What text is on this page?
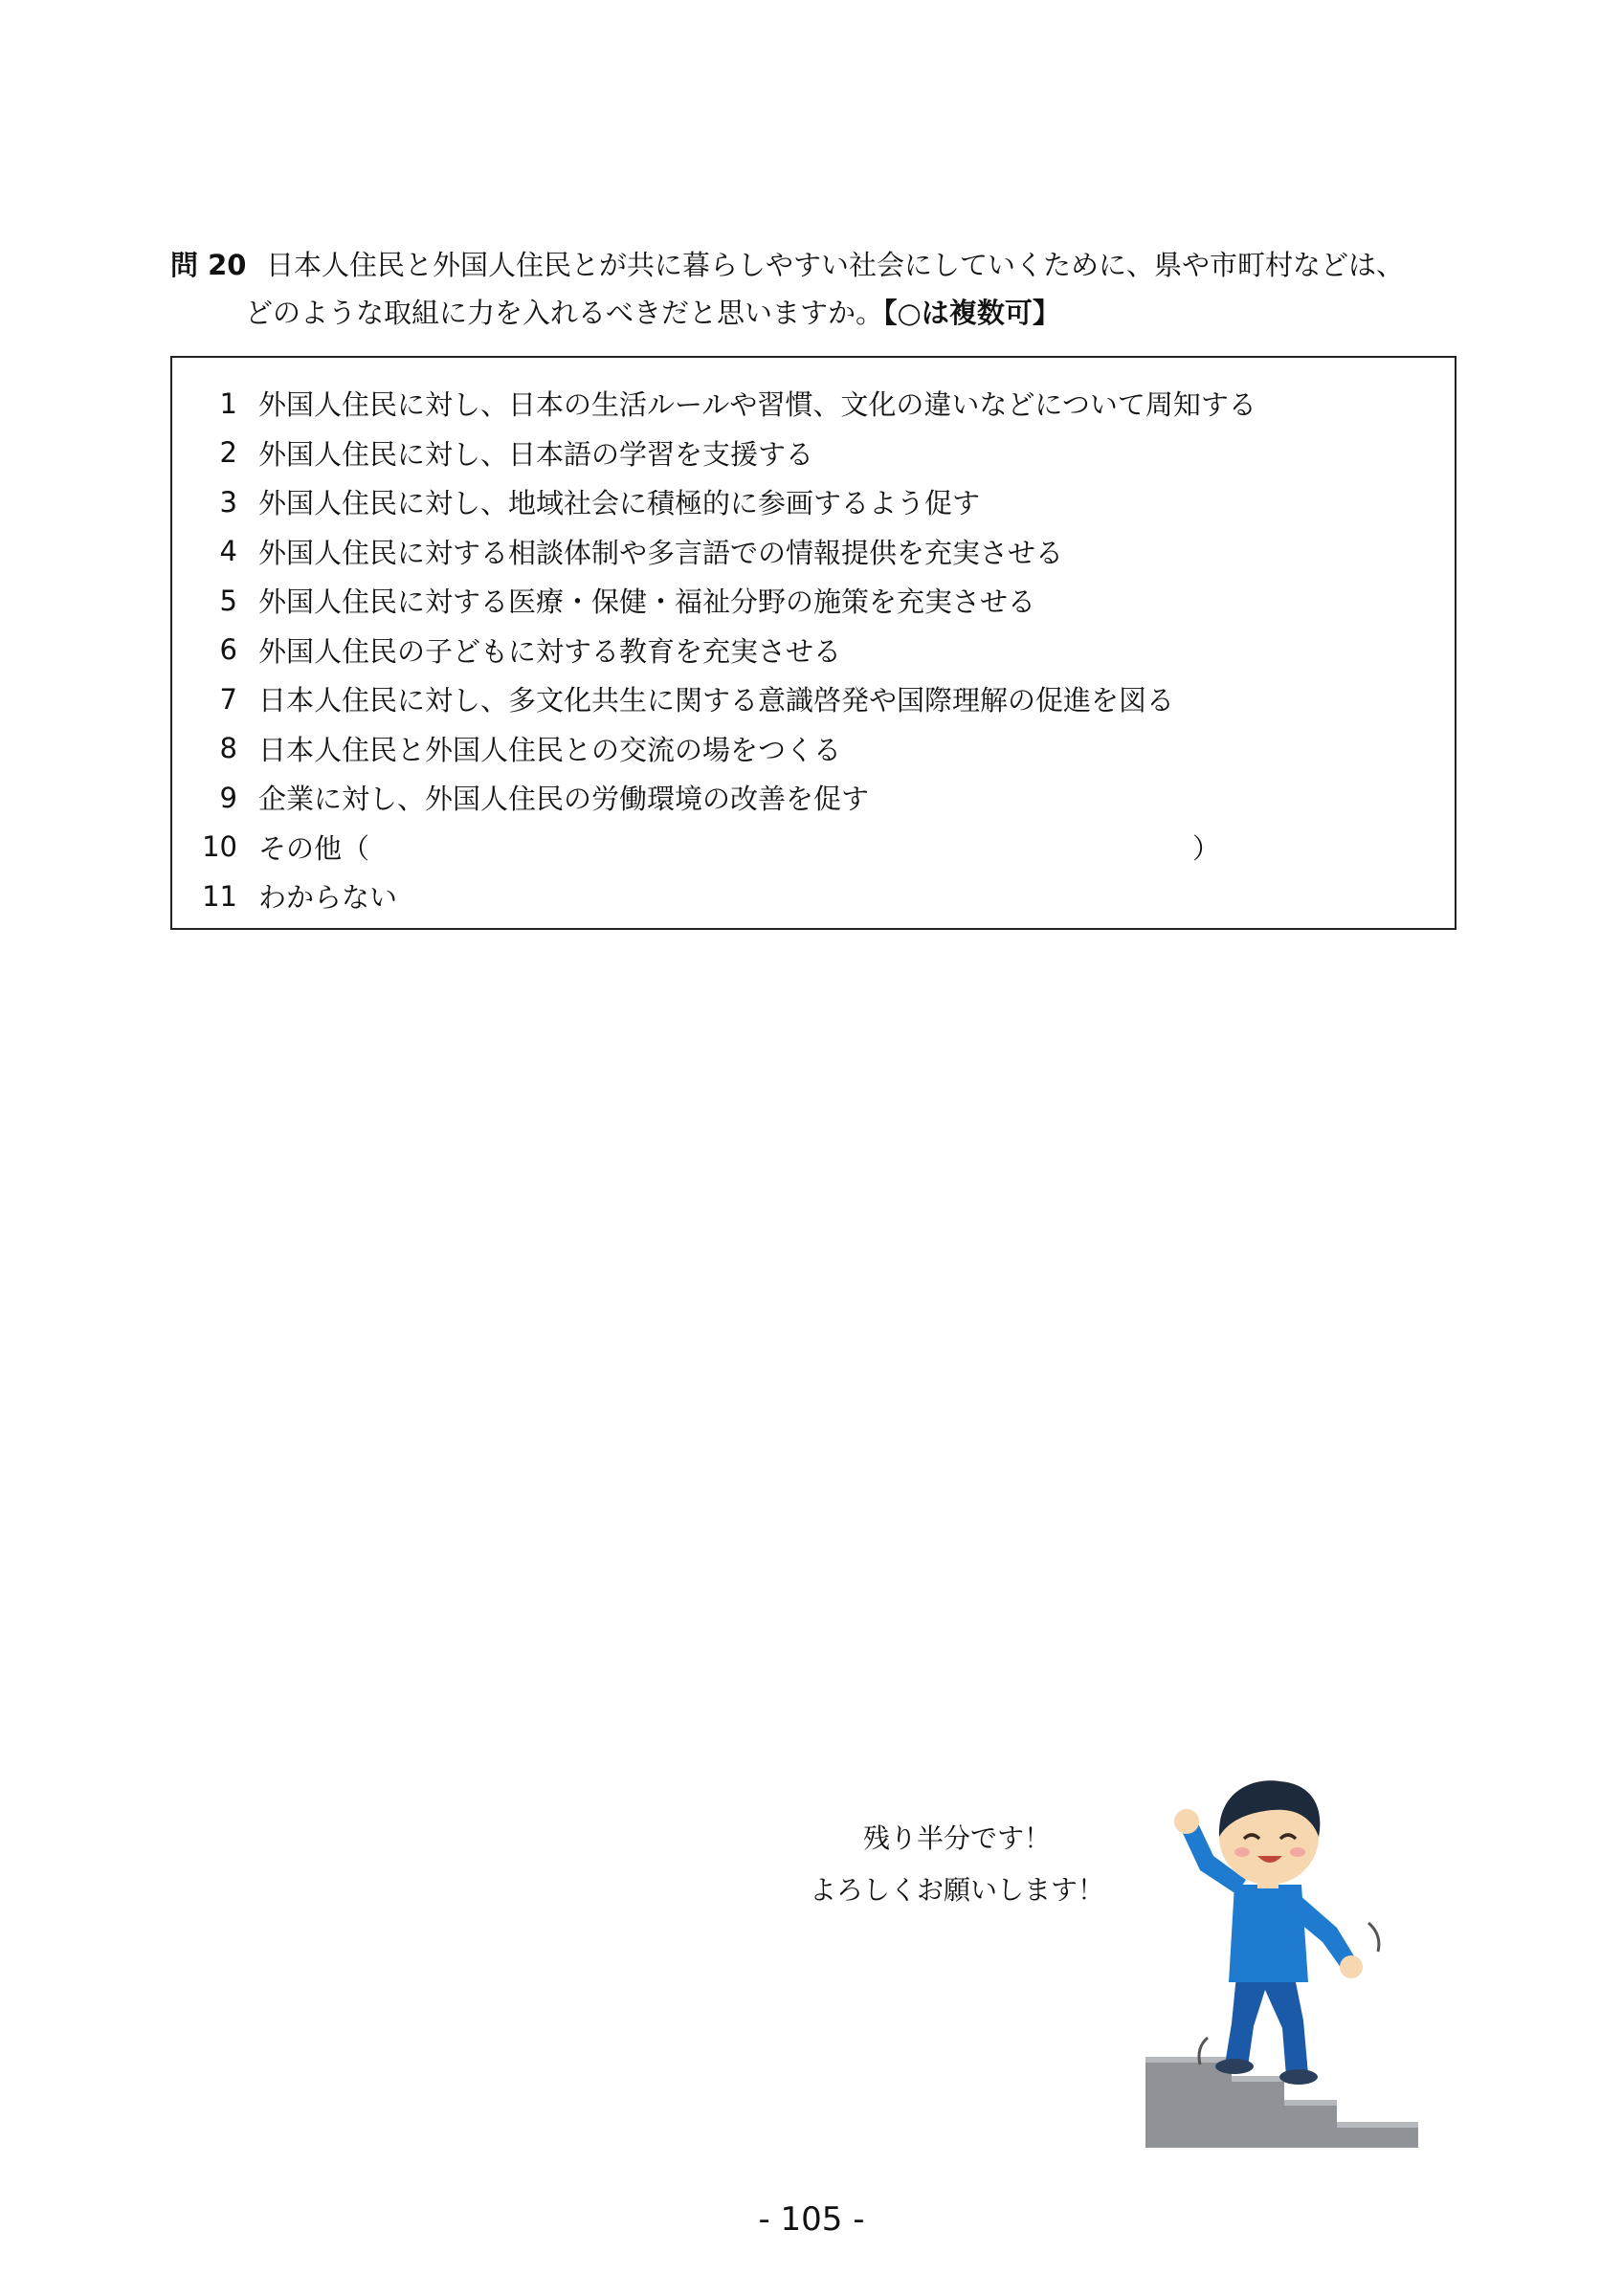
問 20 日本人住民と外国人住民とが共に暮らしやすい社会にしていくために、県や市町村などは、
どのような取組に力を入れるべきだと思いますか。【○は複数可】
1 外国人住民に対し、日本の生活ルールや習慣、文化の違いなどについて周知する
2 外国人住民に対し、日本語の学習を支援する
3 外国人住民に対し、地域社会に積極的に参画するよう促す
4 外国人住民に対する相談体制や多言語での情報提供を充実させる
5 外国人住民に対する医療・保健・福祉分野の施策を充実させる
6 外国人住民の子どもに対する教育を充実させる
7 日本人住民に対し、多文化共生に関する意識啓発や国際理解の促進を図る
8 日本人住民と外国人住民との交流の場をつくる
9 企業に対し、外国人住民の労働環境の改善を促す
10 その他（	）
11 わからない
残り半分です！
よろしくお願いします！
- 105 -
